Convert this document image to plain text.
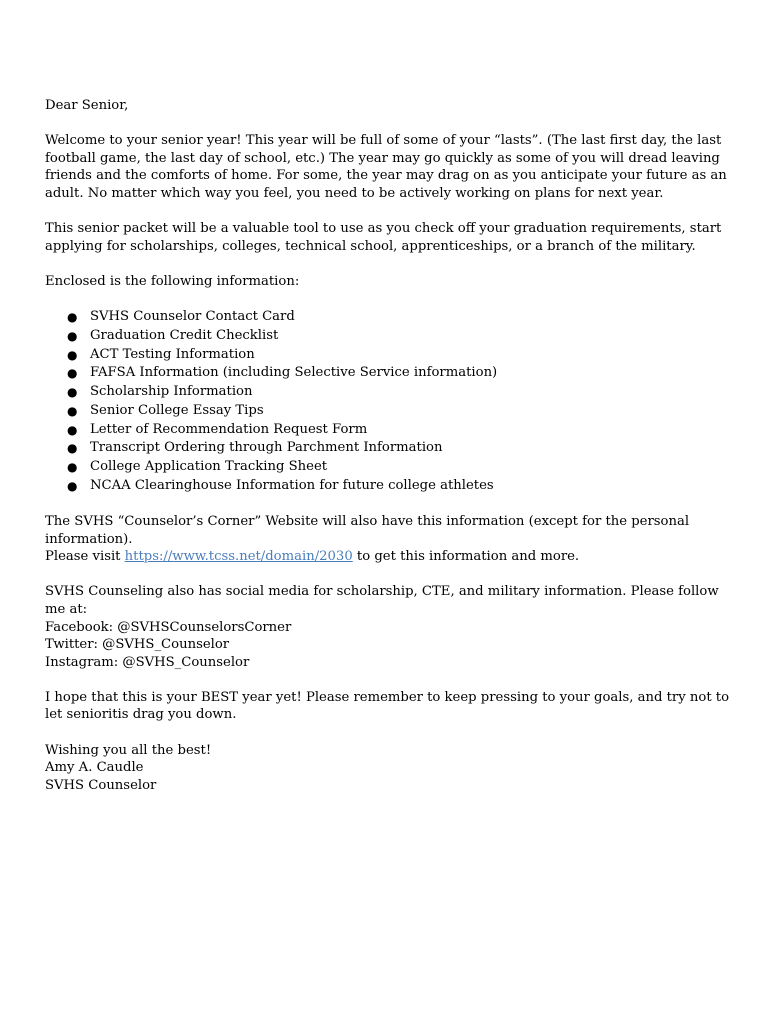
Dear Senior,

Welcome to your senior year! This year will be full of some of your “lasts”. (The last first day, the last football game, the last day of school, etc.) The year may go quickly as some of you will dread leaving friends and the comforts of home. For some, the year may drag on as you anticipate your future as an adult. No matter which way you feel, you need to be actively working on plans for next year.

This senior packet will be a valuable tool to use as you check off your graduation requirements, start applying for scholarships, colleges, technical school, apprenticeships, or a branch of the military.

Enclosed is the following information:

● SVHS Counselor Contact Card
● Graduation Credit Checklist
● ACT Testing Information
● FAFSA Information (including Selective Service information)
● Scholarship Information
● Senior College Essay Tips
● Letter of Recommendation Request Form
● Transcript Ordering through Parchment Information
● College Application Tracking Sheet
● NCAA Clearinghouse Information for future college athletes

The SVHS “Counselor’s Corner” Website will also have this information (except for the personal information).

Please visit https://www.tcss.net/domain/2030 to get this information and more.

SVHS Counseling also has social media for scholarship, CTE, and military information. Please follow me at:

Facebook: @SVHSCounselorsCorner

Twitter: @SVHS_Counselor

Instagram: @SVHS_Counselor

I hope that this is your BEST year yet! Please remember to keep pressing to your goals, and try not to let senioritis drag you down.

Wishing you all the best!

Amy A. Caudle

SVHS Counselor
